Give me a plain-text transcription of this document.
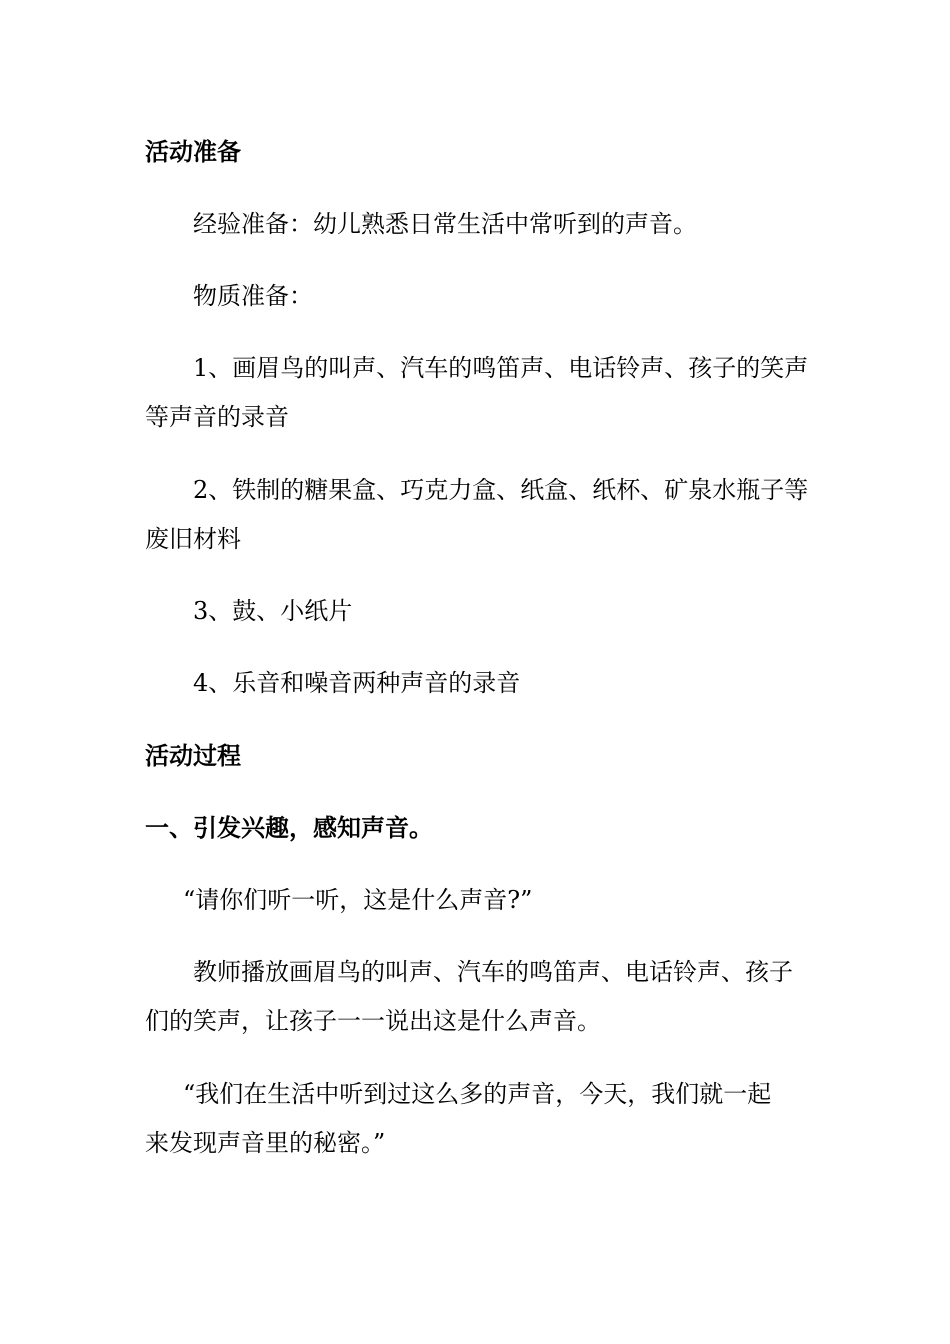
活动准备
经验准备：幼儿熟悉日常生活中常听到的声音。
物质准备：
1、画眉鸟的叫声、汽车的鸣笛声、电话铃声、孩子的笑声
等声音的录音
2、铁制的糖果盒、巧克力盒、纸盒、纸杯、矿泉水瓶子等
废旧材料
3、鼓、小纸片
4、乐音和噪音两种声音的录音
活动过程
一、引发兴趣，感知声音。
“请你们听一听，这是什么声音?”
教师播放画眉鸟的叫声、汽车的鸣笛声、电话铃声、孩子
们的笑声，让孩子一一说出这是什么声音。
“我们在生活中听到过这么多的声音，今天，我们就一起
来发现声音里的秘密。”
